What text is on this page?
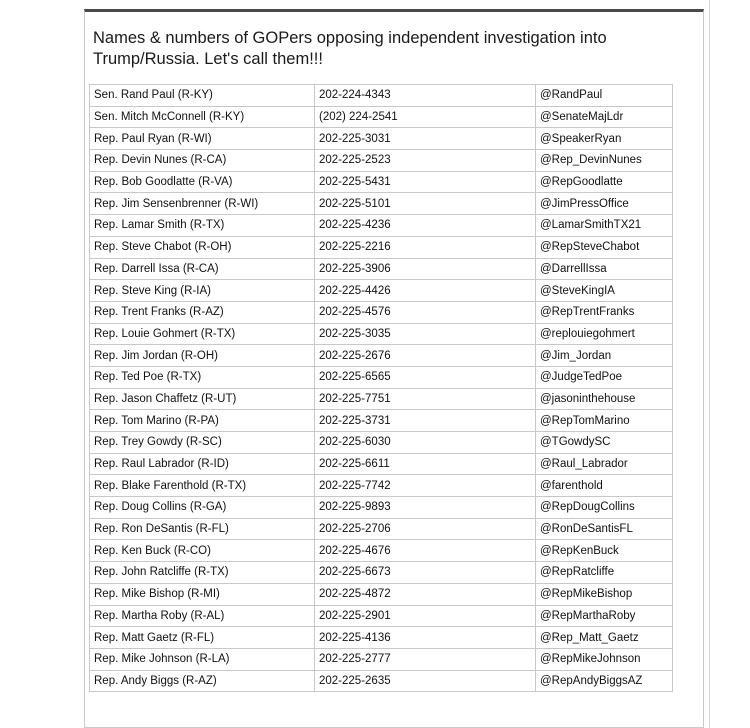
Names & numbers of GOPers opposing independent investigation into Trump/Russia. Let's call them!!!

Sen. Rand Paul (R-KY)	202-224-4343	@RandPaul
Sen. Mitch McConnell (R-KY)	(202) 224-2541	@SenateMajLdr
Rep. Paul Ryan (R-WI)	202-225-3031	@SpeakerRyan
Rep. Devin Nunes (R-CA)	202-225-2523	@Rep_DevinNunes
Rep. Bob Goodlatte (R-VA)	202-225-5431	@RepGoodlatte
Rep. Jim Sensenbrenner (R-WI)	202-225-5101	@JimPressOffice
Rep. Lamar Smith (R-TX)	202-225-4236	@LamarSmithTX21
Rep. Steve Chabot (R-OH)	202-225-2216	@RepSteveChabot
Rep. Darrell Issa (R-CA)	202-225-3906	@DarrellIssa
Rep. Steve King (R-IA)	202-225-4426	@SteveKingIA
Rep. Trent Franks (R-AZ)	202-225-4576	@RepTrentFranks
Rep. Louie Gohmert (R-TX)	202-225-3035	@replouiegohmert
Rep. Jim Jordan (R-OH)	202-225-2676	@Jim_Jordan
Rep. Ted Poe (R-TX)	202-225-6565	@JudgeTedPoe
Rep. Jason Chaffetz (R-UT)	202-225-7751	@jasoninthehouse
Rep. Tom Marino (R-PA)	202-225-3731	@RepTomMarino
Rep. Trey Gowdy (R-SC)	202-225-6030	@TGowdySC
Rep. Raul Labrador (R-ID)	202-225-6611	@Raul_Labrador
Rep. Blake Farenthold (R-TX)	202-225-7742	@farenthold
Rep. Doug Collins (R-GA)	202-225-9893	@RepDougCollins
Rep. Ron DeSantis (R-FL)	202-225-2706	@RonDeSantisFL
Rep. Ken Buck (R-CO)	202-225-4676	@RepKenBuck
Rep. John Ratcliffe (R-TX)	202-225-6673	@RepRatcliffe
Rep. Mike Bishop (R-MI)	202-225-4872	@RepMikeBishop
Rep. Martha Roby (R-AL)	202-225-2901	@RepMarthaRoby
Rep. Matt Gaetz (R-FL)	202-225-4136	@Rep_Matt_Gaetz
Rep. Mike Johnson (R-LA)	202-225-2777	@RepMikeJohnson
Rep. Andy Biggs (R-AZ)	202-225-2635	@RepAndyBiggsAZ
